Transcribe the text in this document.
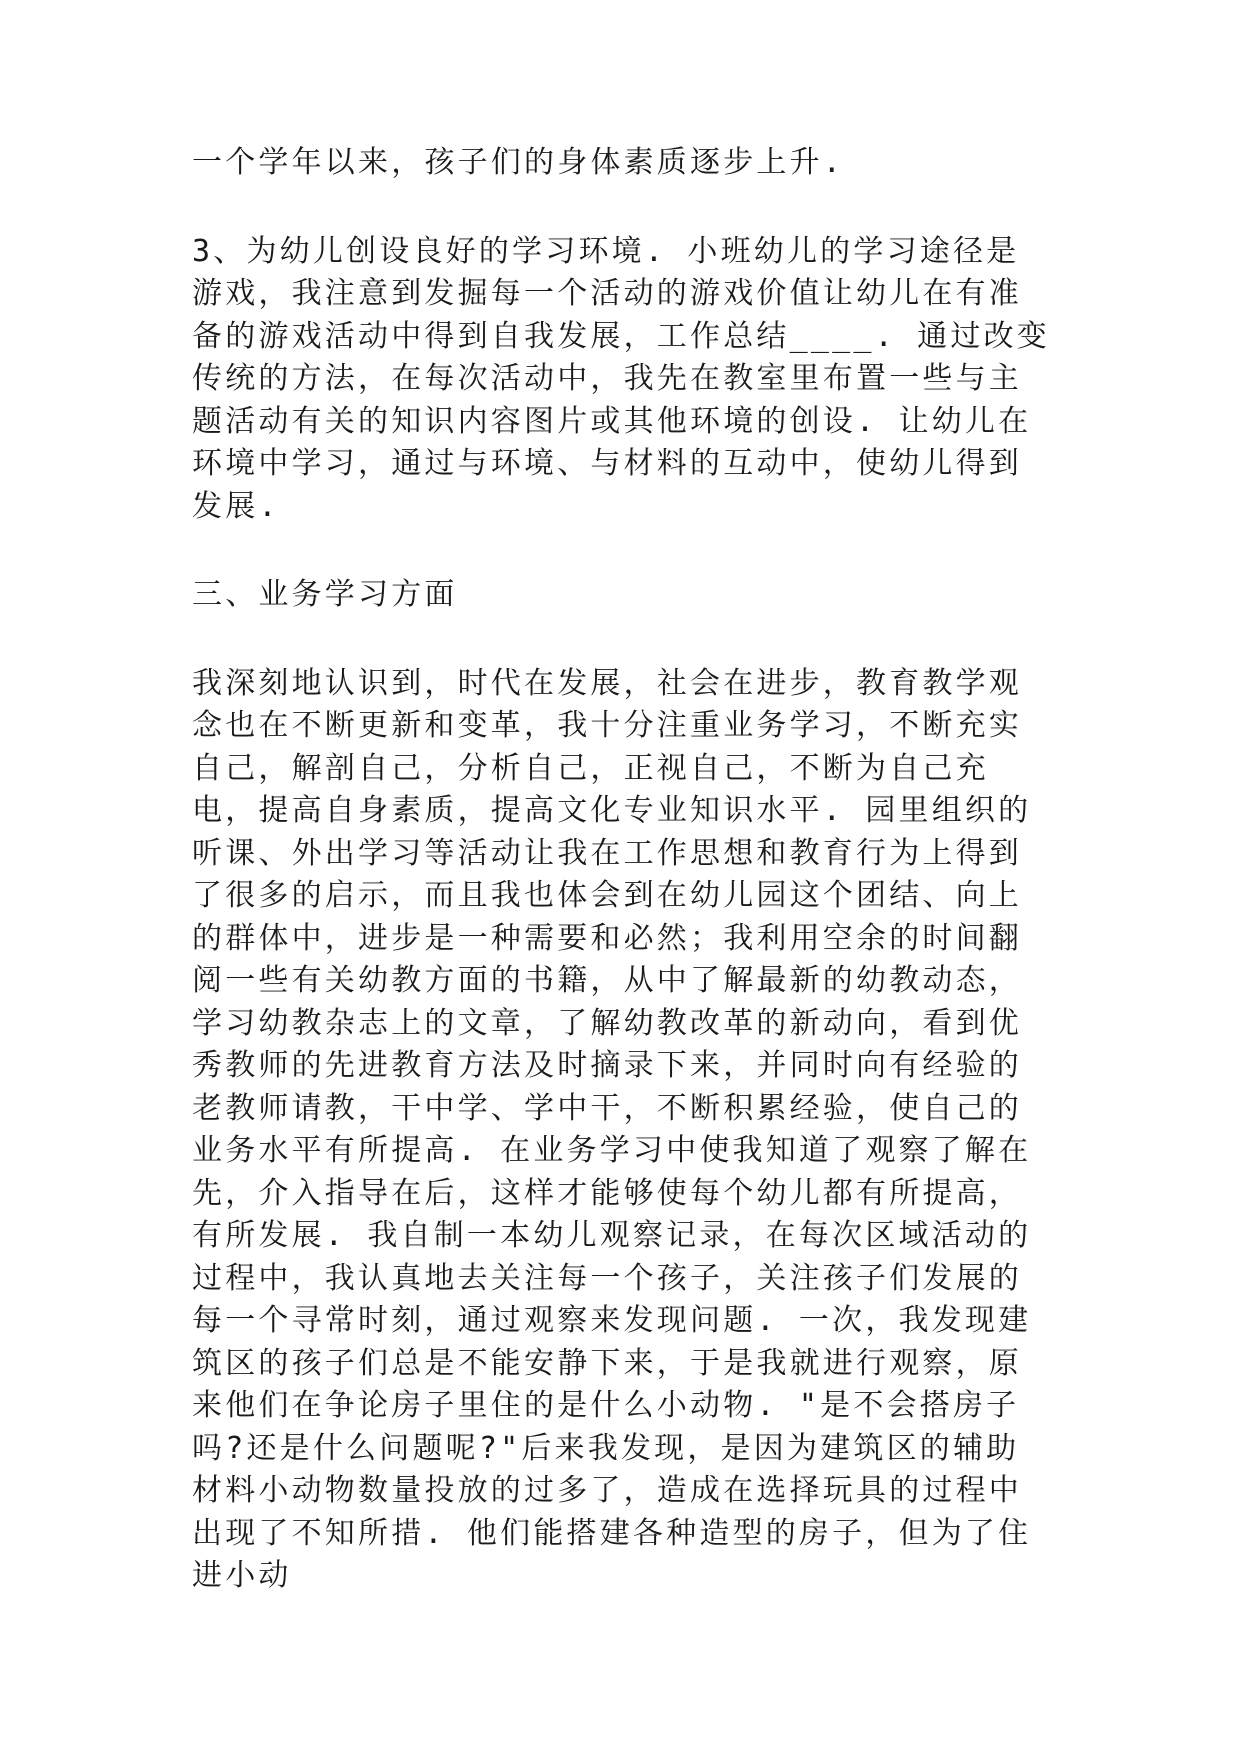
一个学年以来，孩子们的身体素质逐步上升.

3、为幼儿创设良好的学习环境. 小班幼儿的学习途径是游戏，我注意到发掘每一个活动的游戏价值让幼儿在有准备的游戏活动中得到自我发展，工作总结____. 通过改变传统的方法，在每次活动中，我先在教室里布置一些与主题活动有关的知识内容图片或其他环境的创设. 让幼儿在环境中学习，通过与环境、与材料的互动中，使幼儿得到发展.

三、业务学习方面

我深刻地认识到，时代在发展，社会在进步，教育教学观念也在不断更新和变革，我十分注重业务学习，不断充实自己，解剖自己，分析自己，正视自己，不断为自己充电，提高自身素质，提高文化专业知识水平. 园里组织的听课、外出学习等活动让我在工作思想和教育行为上得到了很多的启示，而且我也体会到在幼儿园这个团结、向上的群体中，进步是一种需要和必然；我利用空余的时间翻阅一些有关幼教方面的书籍，从中了解最新的幼教动态，学习幼教杂志上的文章，了解幼教改革的新动向，看到优秀教师的先进教育方法及时摘录下来，并同时向有经验的老教师请教，干中学、学中干，不断积累经验，使自己的业务水平有所提高. 在业务学习中使我知道了观察了解在先，介入指导在后，这样才能够使每个幼儿都有所提高，有所发展. 我自制一本幼儿观察记录，在每次区域活动的过程中，我认真地去关注每一个孩子，关注孩子们发展的每一个寻常时刻，通过观察来发现问题. 一次，我发现建筑区的孩子们总是不能安静下来，于是我就进行观察，原来他们在争论房子里住的是什么小动物. "是不会搭房子吗?还是什么问题呢?"后来我发现，是因为建筑区的辅助材料小动物数量投放的过多了，造成在选择玩具的过程中出现了不知所措. 他们能搭建各种造型的房子，但为了住进小动
